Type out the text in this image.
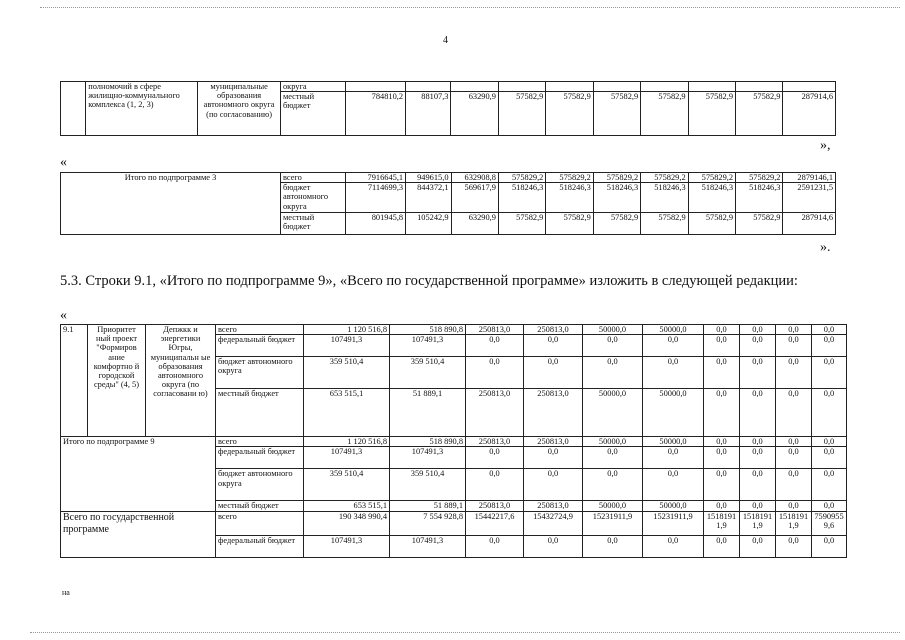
4
	полномочий в сфере жилищно-коммунального комплекса (1, 2, 3)	муниципальные образования автономного округа (по согласованию)	округа										
			местный бюджет	784810,2	88107,3	63290,9	57582,9	57582,9	57582,9	57582,9	57582,9	57582,9	287914,6
»,
«
Итого по подпрограмме 3	всего	7916645,1	949615,0	632908,8	575829,2	575829,2	575829,2	575829,2	575829,2	575829,2	2879146,1
	бюджет автономного округа	7114699,3	844372,1	569617,9	518246,3	518246,3	518246,3	518246,3	518246,3	518246,3	2591231,5
	местный бюджет	801945,8	105242,9	63290,9	57582,9	57582,9	57582,9	57582,9	57582,9	57582,9	287914,6
».
5.3. Строки 9.1, «Итого по подпрограмме 9», «Всего по государственной программе» изложить в следующей редакции:
«
9.1	Приоритет ный проект "Формиров ание комфортно й городской среды" (4, 5)	Депжкк и энергетики Югры, муниципальн ые образования автономного округа (по согласовани ю)	всего	1 120 516,8	518 890,8	250813,0	250813,0	50000,0	50000,0	0,0	0,0	0,0	0,0
			федеральный бюджет	107491,3	107491,3	0,0	0,0	0,0	0,0	0,0	0,0	0,0	0,0
			бюджет автономного округа	359 510,4	359 510,4	0,0	0,0	0,0	0,0	0,0	0,0	0,0	0,0
			местный бюджет	653 515,1	51 889,1	250813,0	250813,0	50000,0	50000,0	0,0	0,0	0,0	0,0
Итого по подпрограмме 9			всего	1 120 516,8	518 890,8	250813,0	250813,0	50000,0	50000,0	0,0	0,0	0,0	0,0
			федеральный бюджет	107491,3	107491,3	0,0	0,0	0,0	0,0	0,0	0,0	0,0	0,0
			бюджет автономного округа	359 510,4	359 510,4	0,0	0,0	0,0	0,0	0,0	0,0	0,0	0,0
			местный бюджет	653 515,1	51 889,1	250813,0	250813,0	50000,0	50000,0	0,0	0,0	0,0	0,0
Всего по государственной программе			всего	190 348 990,4	7 554 928,8	15442217,6	15432724,9	15231911,9	15231911,9	1518191 1,9	1518191 1,9	1518191 1,9	7590955 9,6
			федеральный бюджет	107491,3	107491,3	0,0	0,0	0,0	0,0	0,0	0,0	0,0	0,0
на
